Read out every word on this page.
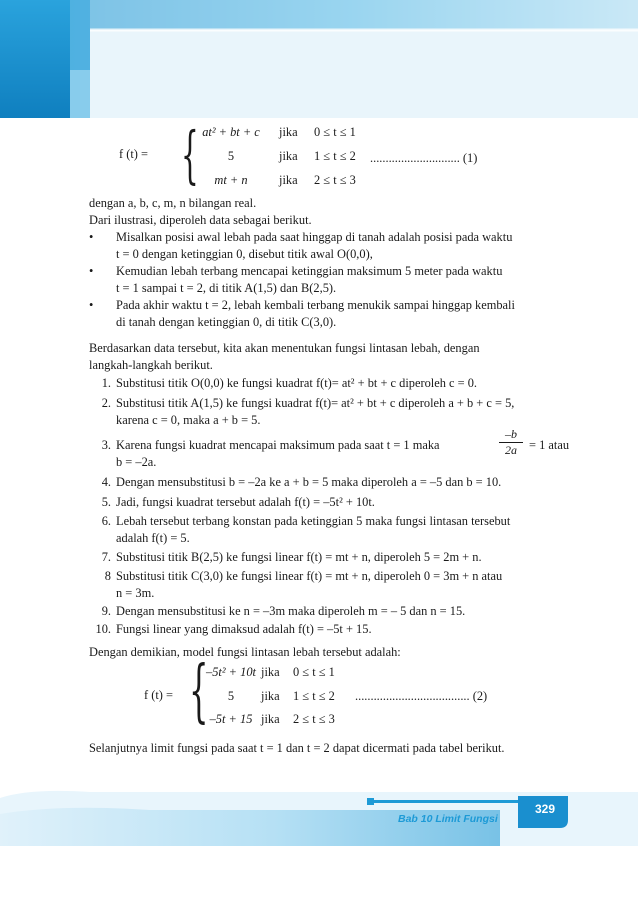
f (t) = { at² + bt + c	jika 0 ≤ t ≤ 1
5	jika 1 ≤ t ≤ 2
mt + n	jika 2 ≤ t ≤ 3
............................. (1)
dengan a, b, c, m, n bilangan real.
Dari ilustrasi, diperoleh data sebagai berikut.
• Misalkan posisi awal lebah pada saat hinggap di tanah adalah posisi pada waktu
t = 0 dengan ketinggian 0, disebut titik awal O(0,0),
• Kemudian lebah terbang mencapai ketinggian maksimum 5 meter pada waktu
t = 1 sampai t = 2, di titik A(1,5) dan B(2,5).
• Pada akhir waktu t = 2, lebah kembali terbang menukik sampai hinggap kembali
di tanah dengan ketinggian 0, di titik C(3,0).
Berdasarkan data tersebut, kita akan menentukan fungsi lintasan lebah, dengan
langkah-langkah berikut.
1. Substitusi titik O(0,0) ke fungsi kuadrat f(t)= at² + bt + c diperoleh c = 0.
2. Substitusi titik A(1,5) ke fungsi kuadrat f(t)= at² + bt + c diperoleh a + b + c = 5,
karena c = 0, maka a + b = 5.
3. Karena fungsi kuadrat mencapai maksimum pada saat t = 1 maka
–b
2a = 1 atau
b = –2a.
4. Dengan mensubstitusi b = –2a ke a + b = 5 maka diperoleh a = –5 dan b = 10.
5. Jadi, fungsi kuadrat tersebut adalah f(t) = –5t² + 10t.
6. Lebah tersebut terbang konstan pada ketinggian 5 maka fungsi lintasan tersebut
adalah f(t) = 5.
7. Substitusi titik B(2,5) ke fungsi linear f(t) = mt + n, diperoleh 5 = 2m + n.
8 Substitusi titik C(3,0) ke fungsi linear f(t) = mt + n, diperoleh 0 = 3m + n atau
n = 3m.
9. Dengan mensubstitusi ke n = –3m maka diperoleh m = – 5 dan n = 15.
10. Fungsi linear yang dimaksud adalah f(t) = –5t + 15.
Dengan demikian, model fungsi lintasan lebah tersebut adalah:
f (t) = {
–5t² + 10t jika 0 ≤ t ≤ 1
5	jika 1 ≤ t ≤ 2
–5t + 15 jika 2 ≤ t ≤ 3
..................................... (2)
Selanjutnya limit fungsi pada saat t = 1 dan t = 2 dapat dicermati pada tabel berikut.
Bab 10 Limit Fungsi
329
